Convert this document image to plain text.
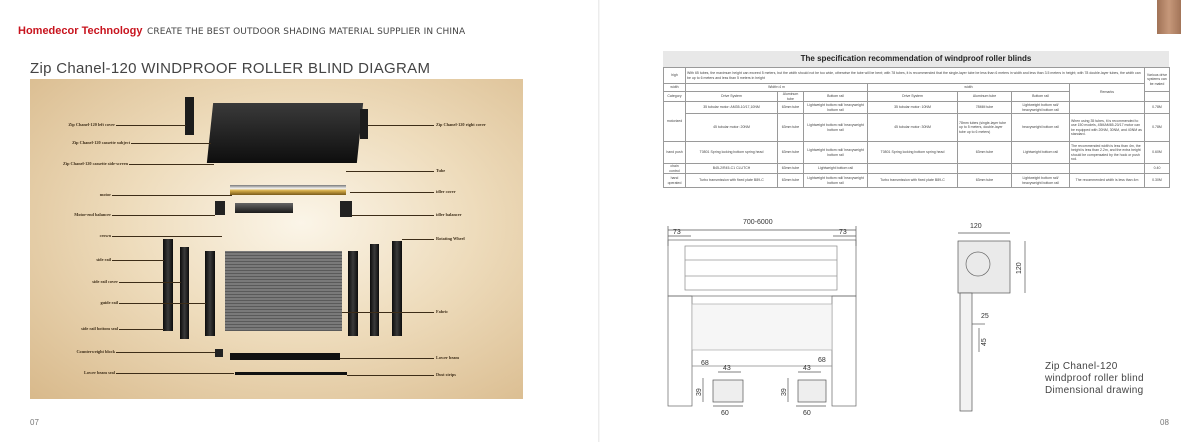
Homedecor Technology CREATE THE BEST OUTDOOR SHADING MATERIAL SUPPLIER IN CHINA
Zip Chanel-120 WINDPROOF ROLLER BLIND DIAGRAM
Zip Chanel-120 left cover
Zip Chanel-120 cassette subject
Zip Chanel-120 cassette side-screen
motor
Motor-end balancer
crown
side rail
side rail cover
guide rail
side rail bottom seal
Counterweight block
Lower beam seal
Zip Chanel-120 right cover
Tube
idler cover
idler balancer
Rotating Wheel
Fabric
Lower beam
Dust strips
07	08
The specification recommendation of windproof roller blinds
high	With 65 tubes, the maximum height can exceed 5 meters, but the width should not be too wide, otherwise the tube will be bent; with 78 tubes, it is recommended that the single-layer tube be less than 6 meters in width and less than 3.5 meters in height; with 78 double-layer tubes, the width can be up to 6 meters and less than 5 meters in height							Various drive systems can be mated
width	Width<4 m			width			Remarks	
Category	Drive System	Aluminum tube	Bottom rail	Drive System	Aluminum tube	Bottom rail		
motorized	35 tubular motor: AM35-10/17,10NM	63mm tube	Lightweight bottom rail/ heavyweight bottom rail	35 tubular motor: 10NM	78MM tube	Lightweight bottom rail/ heavyweight bottom rail		0.78M
	45 tubular motor: 20NM	63mm tube	Lightweight bottom rail/ heavyweight bottom rail	45 tubular motor: 30NM	78mm tubes (single-layer tube up to 5 meters, double-layer tube up to 6 meters)	heavyweight bottom rail	When using 35 tubes, it is recommended to use 150 models, 45MAM65-20/17 motor can be equipped with 20NM, 30NM, and 40NM as standard.	0.78M
hand push	T0801 Spring locking bottom spring head	63mm tube	Lightweight bottom rail/ heavyweight bottom rail	T0801 Spring locking bottom spring head	63mm tube	Lightweight bottom rail	The recommended width is less than 4m, the height is less than 2.2m, and the extra height should be compensated by the hook or push rod.	0.60M
chain control	B45-2/R45-C1 CLUTCH	63mm tube	Lightweight bottom rail					0.40
hand operated	Turbo transmission with fixed plate B89-C	63mm tube	Lightweight bottom rail/ heavyweight bottom rail	Turbo transmission with fixed plate B89-C	63mm tube	Lightweight bottom rail/ heavyweight bottom rail	The recommended width is less than 4m	0.30M
700-6000
73	73
120
120
25
45
68	68
43	43
39	39
60	60
Zip Chanel-120
windproof roller blind
Dimensional drawing
